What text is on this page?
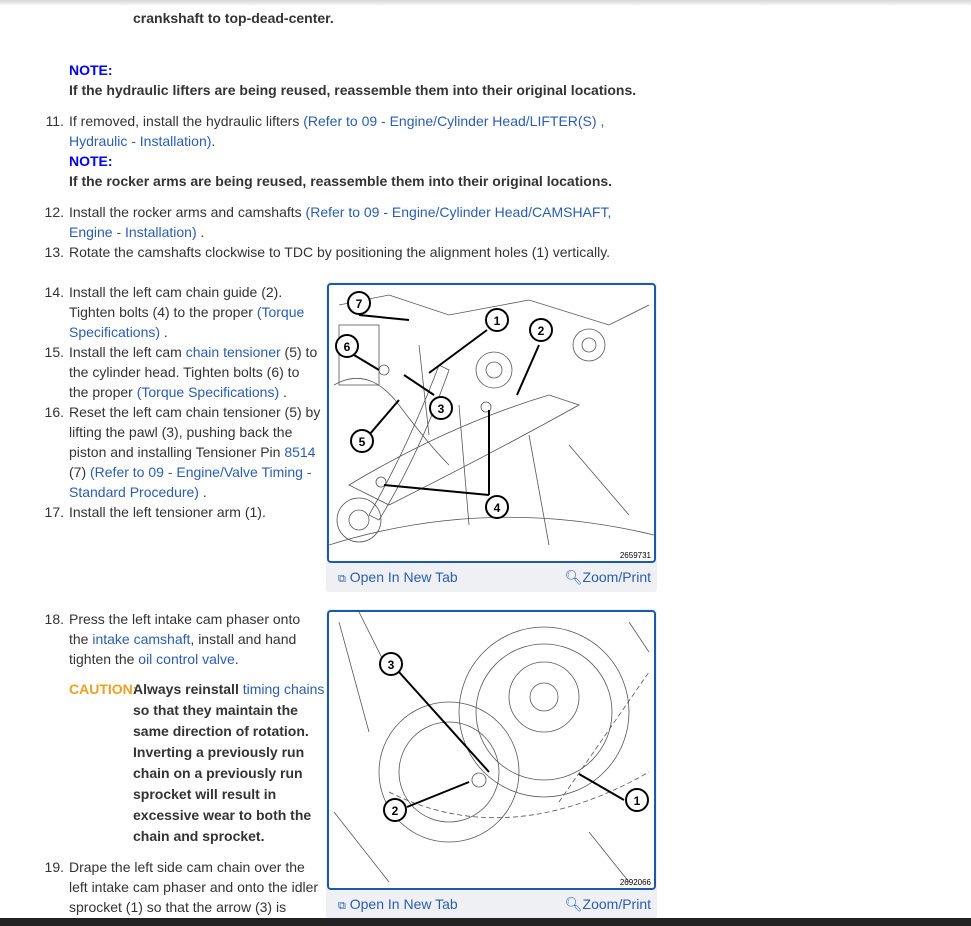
crankshaft to top-dead-center.
NOTE:
If the hydraulic lifters are being reused, reassemble them into their original locations.
11. If removed, install the hydraulic lifters (Refer to 09 - Engine/Cylinder Head/LIFTER(S) ,
Hydraulic - Installation).
NOTE:
If the rocker arms are being reused, reassemble them into their original locations.
12. Install the rocker arms and camshafts (Refer to 09 - Engine/Cylinder Head/CAMSHAFT,
Engine - Installation) .
13. Rotate the camshafts clockwise to TDC by positioning the alignment holes (1) vertically.
14. Install the left cam chain guide (2).
Tighten bolts (4) to the proper (Torque
Specifications) .
15. Install the left cam chain tensioner (5) to
the cylinder head. Tighten bolts (6) to
the proper (Torque Specifications) .
16. Reset the left cam chain tensioner (5) by
lifting the pawl (3), pushing back the
piston and installing Tensioner Pin 8514
(7) (Refer to 09 - Engine/Valve Timing -
Standard Procedure) .
17. Install the left tensioner arm (1).
18. Press the left intake cam phaser onto
the intake camshaft, install and hand
tighten the oil control valve.
CAUTION:
Always reinstall timing chains
so that they maintain the
same direction of rotation.
Inverting a previously run
chain on a previously run
sprocket will result in
excessive wear to both the
chain and sprocket.
19. Drape the left side cam chain over the
left intake cam phaser and onto the idler
sprocket (1) so that the arrow (3) is
1
2
3
4
5
6
7
2659731
⧉ Open In New Tab	🔍︎Zoom/Print
3
2
1
2692066
⧉ Open In New Tab	🔍︎Zoom/Print
